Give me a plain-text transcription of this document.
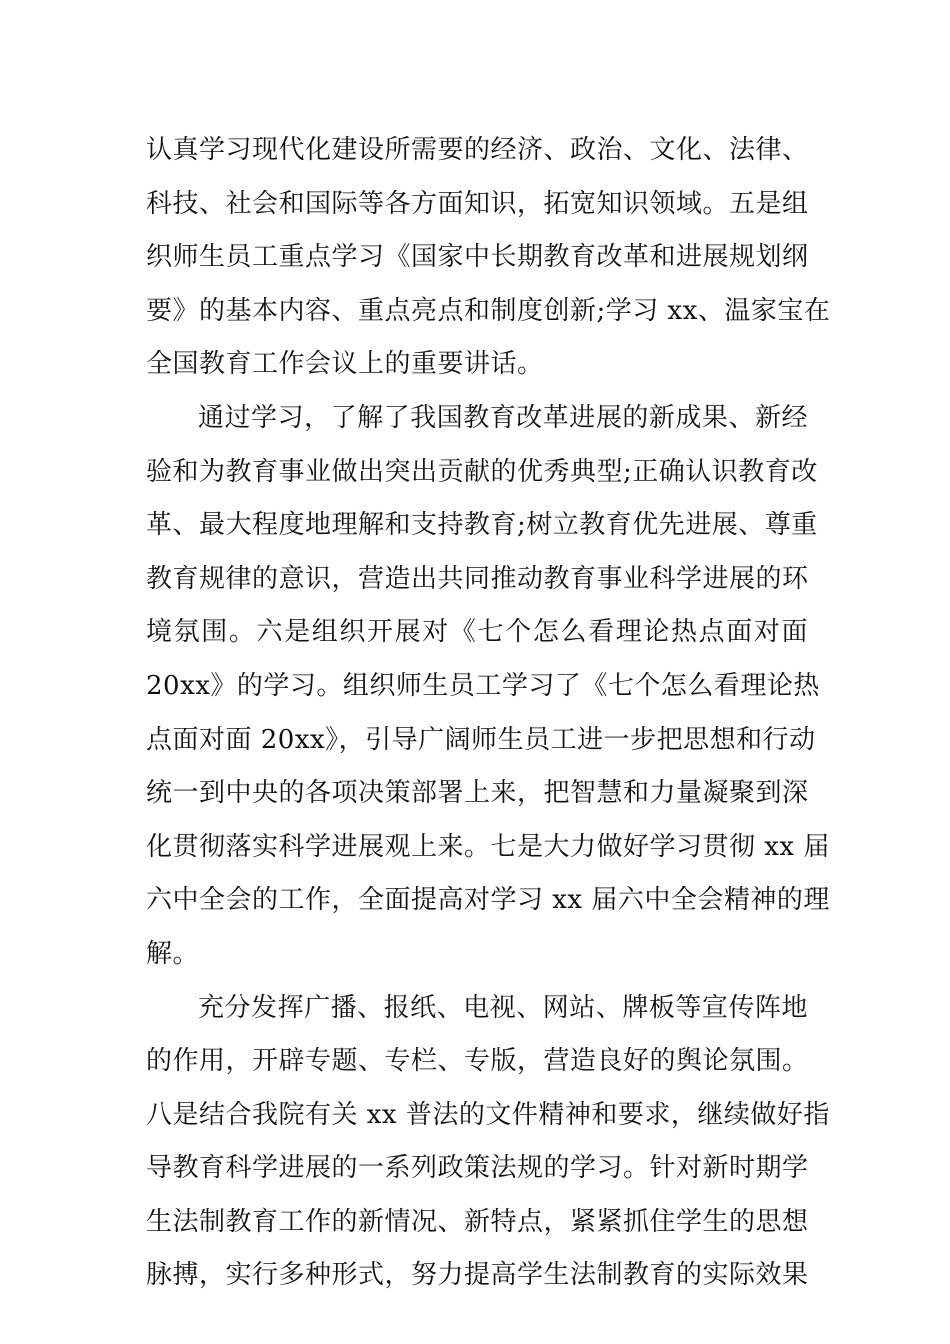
认真学习现代化建设所需要的经济、政治、文化、法律、
科技、社会和国际等各方面知识，拓宽知识领域。五是组
织师生员工重点学习《国家中长期教育改革和进展规划纲
要》的基本内容、重点亮点和制度创新;学习 xx、温家宝在
全国教育工作会议上的重要讲话。
通过学习，了解了我国教育改革进展的新成果、新经
验和为教育事业做出突出贡献的优秀典型;正确认识教育改
革、最大程度地理解和支持教育;树立教育优先进展、尊重
教育规律的意识，营造出共同推动教育事业科学进展的环
境氛围。六是组织开展对《七个怎么看理论热点面对面
20xx》的学习。组织师生员工学习了《七个怎么看理论热
点面对面 20xx》，引导广阔师生员工进一步把思想和行动
统一到中央的各项决策部署上来，把智慧和力量凝聚到深
化贯彻落实科学进展观上来。七是大力做好学习贯彻 xx 届
六中全会的工作，全面提高对学习 xx 届六中全会精神的理
解。
充分发挥广播、报纸、电视、网站、牌板等宣传阵地
的作用，开辟专题、专栏、专版，营造良好的舆论氛围。
八是结合我院有关 xx 普法的文件精神和要求，继续做好指
导教育科学进展的一系列政策法规的学习。针对新时期学
生法制教育工作的新情况、新特点，紧紧抓住学生的思想
脉搏，实行多种形式，努力提高学生法制教育的实际效果
